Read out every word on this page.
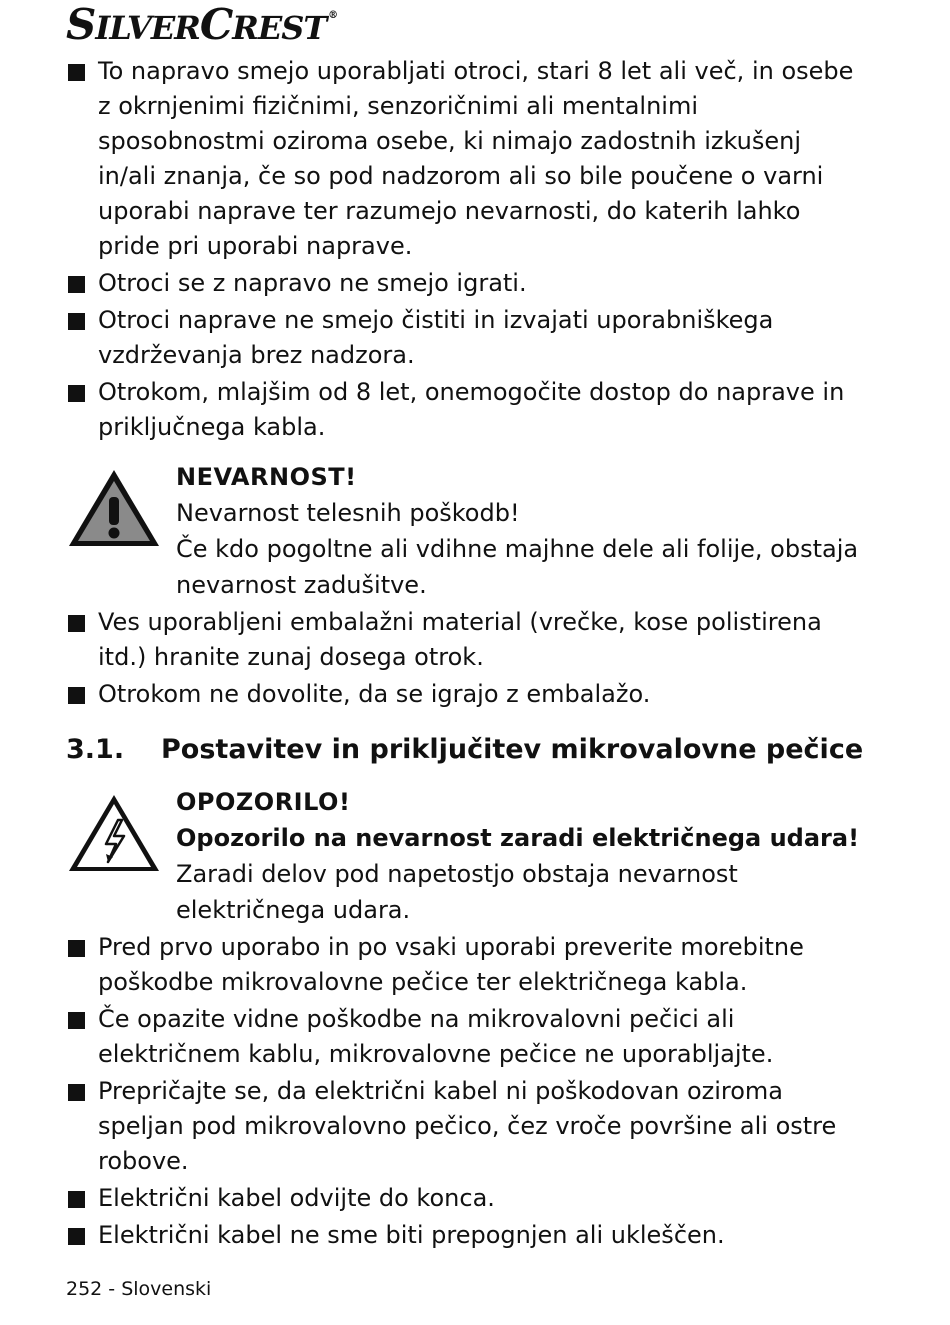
SILVERCREST ®
To napravo smejo uporabljati otroci, stari 8 let ali več, in osebe z okrnjenimi fizičnimi, senzoričnimi ali mentalnimi sposobnostmi oziroma osebe, ki nimajo zadostnih izkušenj in/ali znanja, če so pod nadzorom ali so bile poučene o varni uporabi naprave ter razumejo nevarnosti, do katerih lahko pride pri uporabi naprave.
Otroci se z napravo ne smejo igrati.
Otroci naprave ne smejo čistiti in izvajati uporabniškega vzdrževanja brez nadzora.
Otrokom, mlajšim od 8 let, onemogočite dostop do naprave in priključnega kabla.
NEVARNOST!
Nevarnost telesnih poškodb!
Če kdo pogoltne ali vdihne majhne dele ali folije, obstaja nevarnost zadušitve.
Ves uporabljeni embalažni material (vrečke, kose polistirena itd.) hranite zunaj dosega otrok.
Otrokom ne dovolite, da se igrajo z embalažo.
3.1.	Postavitev in priključitev mikrovalovne pečice
OPOZORILO!
Opozorilo na nevarnost zaradi električnega udara!
Zaradi delov pod napetostjo obstaja nevarnost električnega udara.
Pred prvo uporabo in po vsaki uporabi preverite morebitne poškodbe mikrovalovne pečice ter električnega kabla.
Če opazite vidne poškodbe na mikrovalovni pečici ali električnem kablu, mikrovalovne pečice ne uporabljajte.
Prepričajte se, da električni kabel ni poškodovan oziroma speljan pod mikrovalovno pečico, čez vroče površine ali ostre robove.
Električni kabel odvijte do konca.
Električni kabel ne sme biti prepognjen ali ukleščen.
252 - Slovenski
